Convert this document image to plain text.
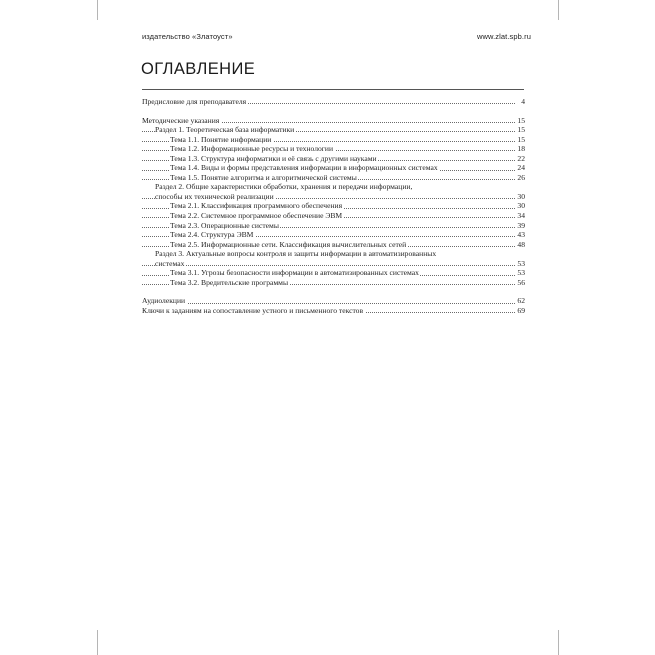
издательство «Златоуст»	www.zlat.spb.ru
ОГЛАВЛЕНИЕ
Предисловие для преподавателя	4
Методические указания	15
Раздел 1. Теоретическая база информатики	15
Тема 1.1. Понятие информации	15
Тема 1.2. Информационные ресурсы и технологии	18
Тема 1.3. Структура информатики и её связь с другими науками	22
Тема 1.4. Виды и формы представления информации в информационных системах	24
Тема 1.5. Понятие алгоритма и алгоритмической системы	26
Раздел 2. Общие характеристики обработки, хранения и передачи информации,
способы их технической реализации	30
Тема 2.1. Классификация программного обеспечения	30
Тема 2.2. Системное программное обеспечение ЭВМ	34
Тема 2.3. Операционные системы	39
Тема 2.4. Структура ЭВМ	43
Тема 2.5. Информационные сети. Классификация вычислительных сетей	48
Раздел 3. Актуальные вопросы контроля и защиты информации в автоматизированных
системах	53
Тема 3.1. Угрозы безопасности информации в автоматизированных системах	53
Тема 3.2. Вредительские программы	56
Аудиолекции	62
Ключи к заданиям на сопоставление устного и письменного текстов	69
